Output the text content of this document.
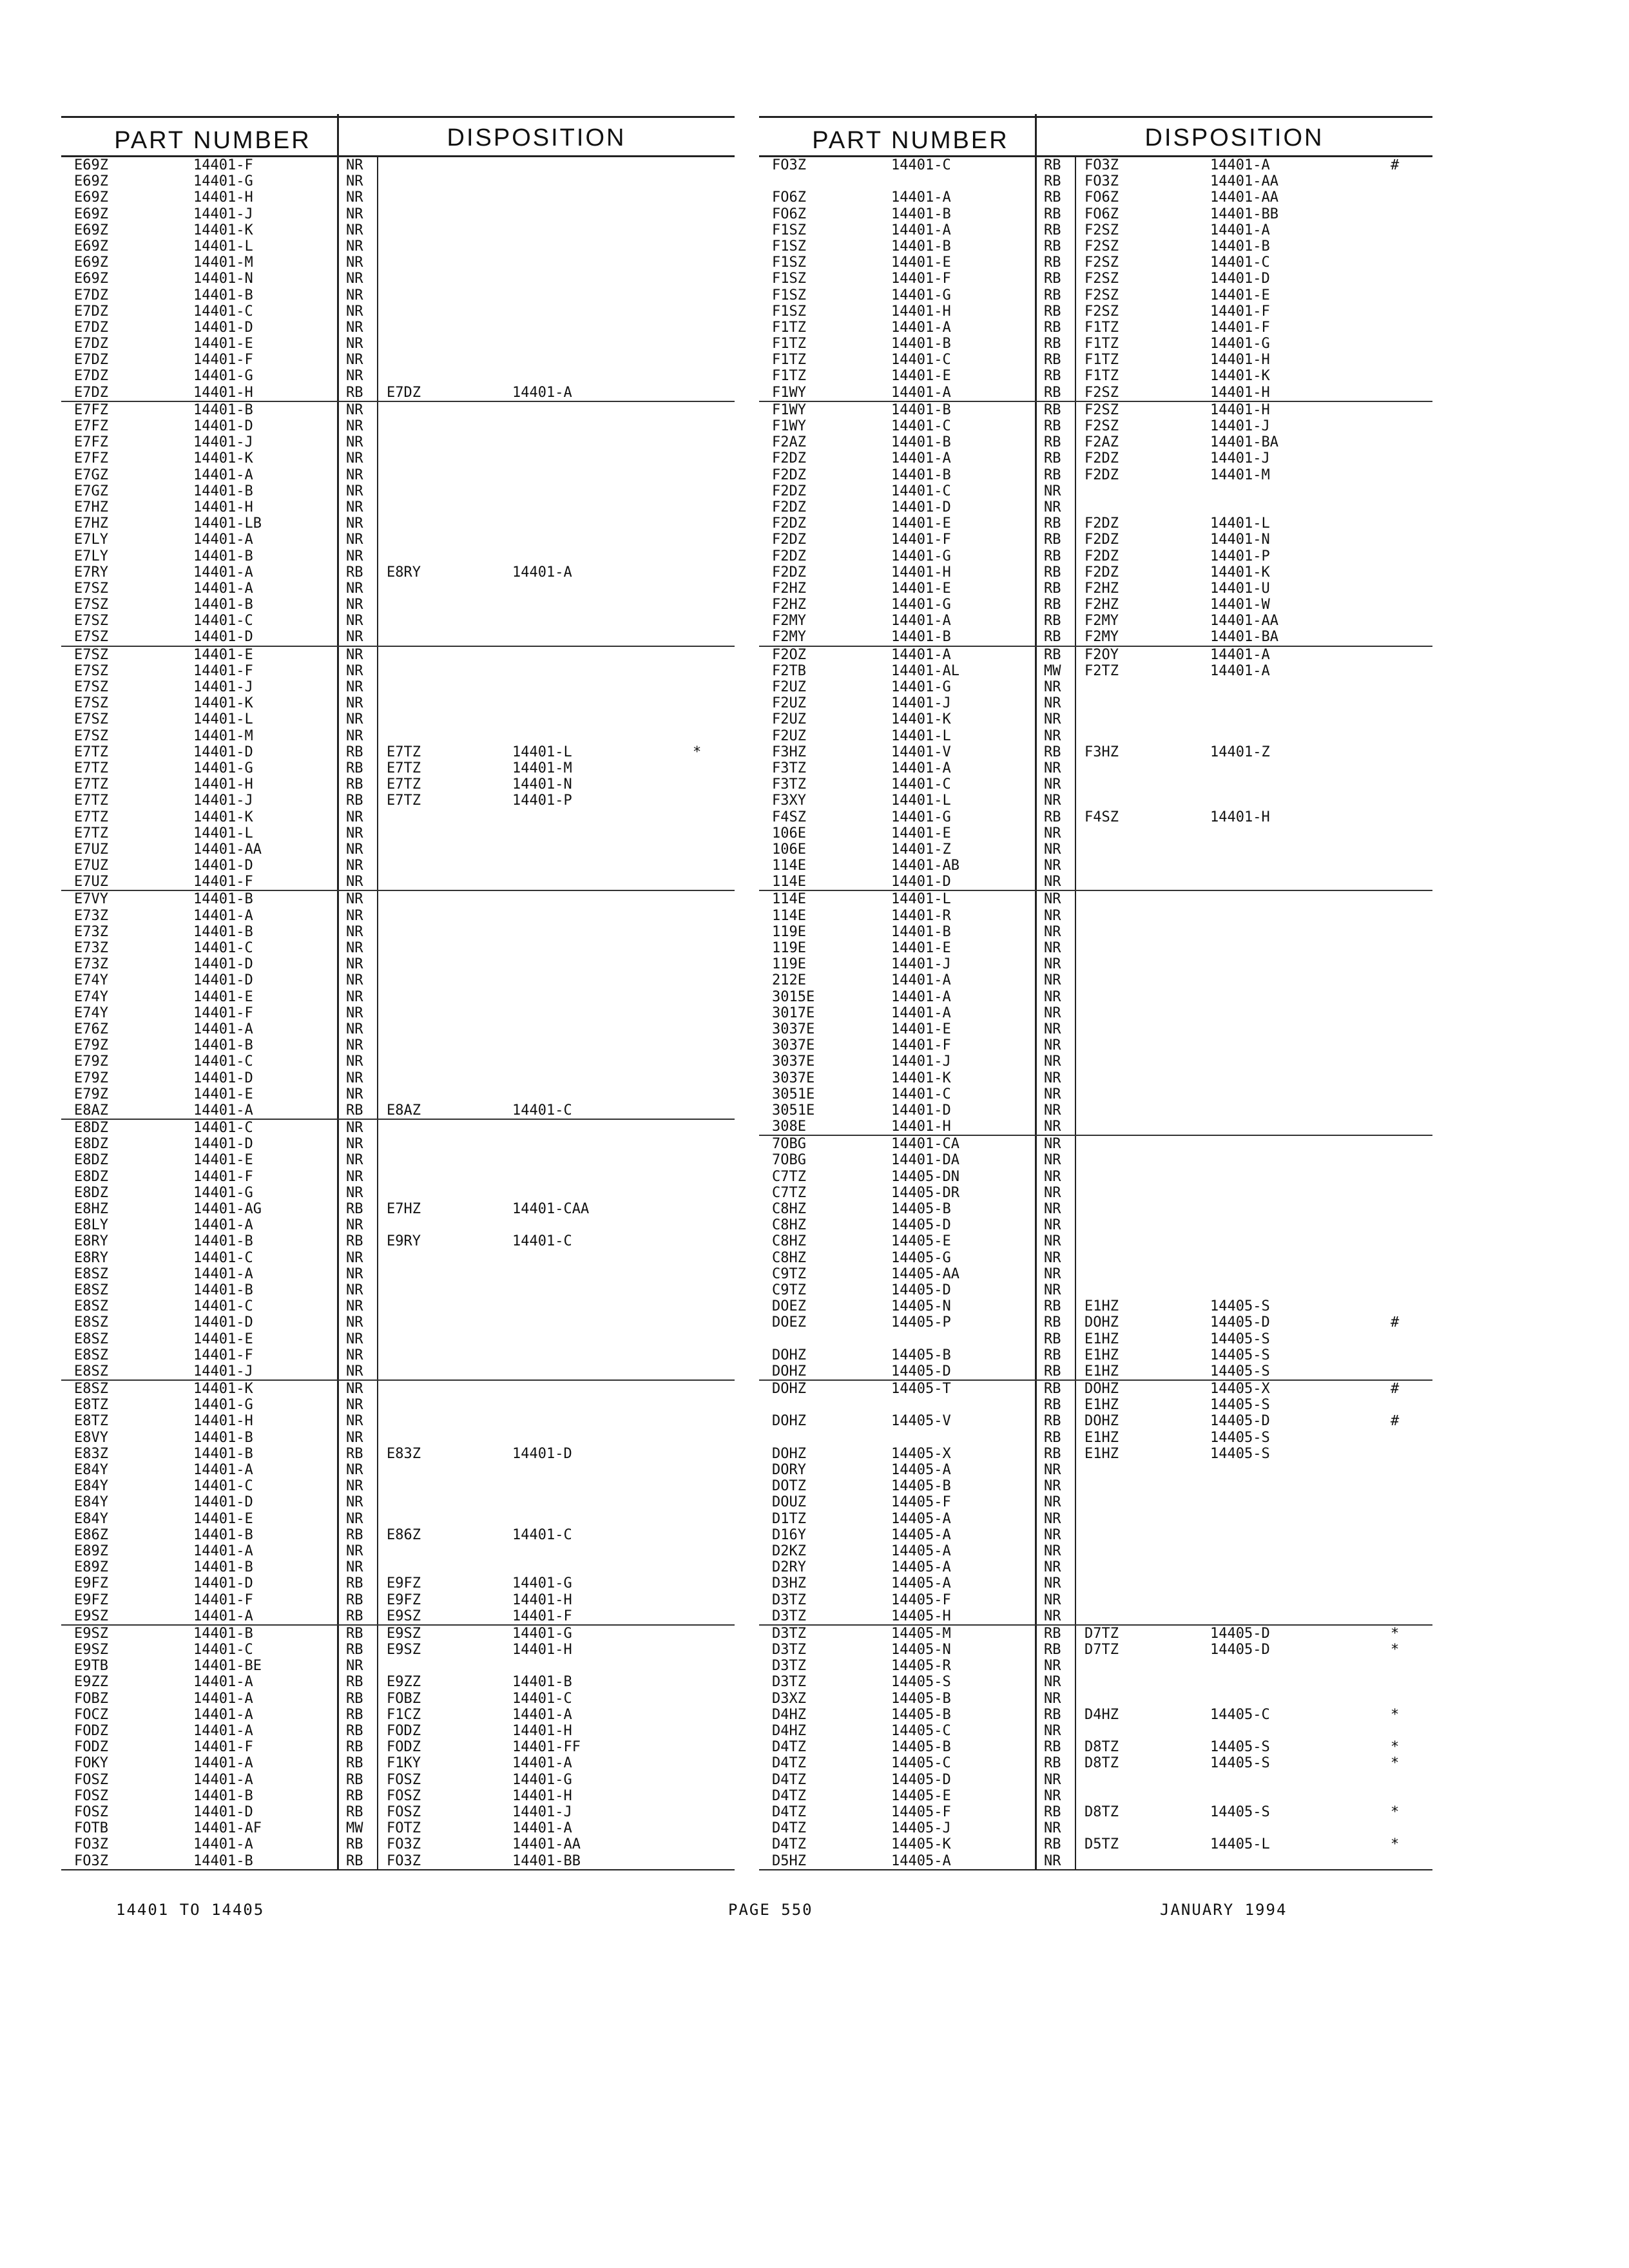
PART NUMBER	DISPOSITION
E69Z	14401-F	NR
E69Z	14401-G	NR
E69Z	14401-H	NR
E69Z	14401-J	NR
E69Z	14401-K	NR
E69Z	14401-L	NR
E69Z	14401-M	NR
E69Z	14401-N	NR
E7DZ	14401-B	NR
E7DZ	14401-C	NR
E7DZ	14401-D	NR
E7DZ	14401-E	NR
E7DZ	14401-F	NR
E7DZ	14401-G	NR
E7DZ	14401-H	RB E7DZ	14401-A
E7FZ	14401-B	NR
E7FZ	14401-D	NR
E7FZ	14401-J	NR
E7FZ	14401-K	NR
E7GZ	14401-A	NR
E7GZ	14401-B	NR
E7HZ	14401-H	NR
E7HZ	14401-LB	NR
E7LY	14401-A	NR
E7LY	14401-B	NR
E7RY	14401-A	RB E8RY	14401-A
E7SZ	14401-A	NR
E7SZ	14401-B	NR
E7SZ	14401-C	NR
E7SZ	14401-D	NR
E7SZ	14401-E	NR
E7SZ	14401-F	NR
E7SZ	14401-J	NR
E7SZ	14401-K	NR
E7SZ	14401-L	NR
E7SZ	14401-M	NR
E7TZ	14401-D	RB E7TZ	14401-L	*
E7TZ	14401-G	RB E7TZ	14401-M
E7TZ	14401-H	RB E7TZ	14401-N
E7TZ	14401-J	RB E7TZ	14401-P
E7TZ	14401-K	NR
E7TZ	14401-L	NR
E7UZ	14401-AA	NR
E7UZ	14401-D	NR
E7UZ	14401-F	NR
E7VY	14401-B	NR
E73Z	14401-A	NR
E73Z	14401-B	NR
E73Z	14401-C	NR
E73Z	14401-D	NR
E74Y	14401-D	NR
E74Y	14401-E	NR
E74Y	14401-F	NR
E76Z	14401-A	NR
E79Z	14401-B	NR
E79Z	14401-C	NR
E79Z	14401-D	NR
E79Z	14401-E	NR
E8AZ	14401-A	RB E8AZ	14401-C
E8DZ	14401-C	NR
E8DZ	14401-D	NR
E8DZ	14401-E	NR
E8DZ	14401-F	NR
E8DZ	14401-G	NR
E8HZ	14401-AG	RB E7HZ	14401-CAA
E8LY	14401-A	NR
E8RY	14401-B	RB E9RY	14401-C
E8RY	14401-C	NR
E8SZ	14401-A	NR
E8SZ	14401-B	NR
E8SZ	14401-C	NR
E8SZ	14401-D	NR
E8SZ	14401-E	NR
E8SZ	14401-F	NR
E8SZ	14401-J	NR
E8SZ	14401-K	NR
E8TZ	14401-G	NR
E8TZ	14401-H	NR
E8VY	14401-B	NR
E83Z	14401-B	RB E83Z	14401-D
E84Y	14401-A	NR
E84Y	14401-C	NR
E84Y	14401-D	NR
E84Y	14401-E	NR
E86Z	14401-B	RB E86Z	14401-C
E89Z	14401-A	NR
E89Z	14401-B	NR
E9FZ	14401-D	RB E9FZ	14401-G
E9FZ	14401-F	RB E9FZ	14401-H
E9SZ	14401-A	RB E9SZ	14401-F
E9SZ	14401-B	RB E9SZ	14401-G
E9SZ	14401-C	RB E9SZ	14401-H
E9TB	14401-BE	NR
E9ZZ	14401-A	RB E9ZZ	14401-B
FOBZ	14401-A	RB FOBZ	14401-C
FOCZ	14401-A	RB F1CZ	14401-A
FODZ	14401-A	RB FODZ	14401-H
FODZ	14401-F	RB FODZ	14401-FF
FOKY	14401-A	RB F1KY	14401-A
FOSZ	14401-A	RB FOSZ	14401-G
FOSZ	14401-B	RB FOSZ	14401-H
FOSZ	14401-D	RB FOSZ	14401-J
FOTB	14401-AF	MW FOTZ	14401-A
FO3Z	14401-A	RB FO3Z	14401-AA
FO3Z	14401-B	RB FO3Z	14401-BB
PART NUMBER	DISPOSITION
FO3Z	14401-C	RB FO3Z	14401-A	#
RB FO3Z	14401-AA
FO6Z	14401-A	RB FO6Z	14401-AA
FO6Z	14401-B	RB FO6Z	14401-BB
F1SZ	14401-A	RB F2SZ	14401-A
F1SZ	14401-B	RB F2SZ	14401-B
F1SZ	14401-E	RB F2SZ	14401-C
F1SZ	14401-F	RB F2SZ	14401-D
F1SZ	14401-G	RB F2SZ	14401-E
F1SZ	14401-H	RB F2SZ	14401-F
F1TZ	14401-A	RB F1TZ	14401-F
F1TZ	14401-B	RB F1TZ	14401-G
F1TZ	14401-C	RB F1TZ	14401-H
F1TZ	14401-E	RB F1TZ	14401-K
F1WY	14401-A	RB F2SZ	14401-H
F1WY	14401-B	RB F2SZ	14401-H
F1WY	14401-C	RB F2SZ	14401-J
F2AZ	14401-B	RB F2AZ	14401-BA
F2DZ	14401-A	RB F2DZ	14401-J
F2DZ	14401-B	RB F2DZ	14401-M
F2DZ	14401-C	NR
F2DZ	14401-D	NR
F2DZ	14401-E	RB F2DZ	14401-L
F2DZ	14401-F	RB F2DZ	14401-N
F2DZ	14401-G	RB F2DZ	14401-P
F2DZ	14401-H	RB F2DZ	14401-K
F2HZ	14401-E	RB F2HZ	14401-U
F2HZ	14401-G	RB F2HZ	14401-W
F2MY	14401-A	RB F2MY	14401-AA
F2MY	14401-B	RB F2MY	14401-BA
F2OZ	14401-A	RB F2OY	14401-A
F2TB	14401-AL	MW F2TZ	14401-A
F2UZ	14401-G	NR
F2UZ	14401-J	NR
F2UZ	14401-K	NR
F2UZ	14401-L	NR
F3HZ	14401-V	RB F3HZ	14401-Z
F3TZ	14401-A	NR
F3TZ	14401-C	NR
F3XY	14401-L	NR
F4SZ	14401-G	RB F4SZ	14401-H
106E	14401-E	NR
106E	14401-Z	NR
114E	14401-AB	NR
114E	14401-D	NR
114E	14401-L	NR
114E	14401-R	NR
119E	14401-B	NR
119E	14401-E	NR
119E	14401-J	NR
212E	14401-A	NR
3015E	14401-A	NR
3017E	14401-A	NR
3037E	14401-E	NR
3037E	14401-F	NR
3037E	14401-J	NR
3037E	14401-K	NR
3051E	14401-C	NR
3051E	14401-D	NR
308E	14401-H	NR
7OBG	14401-CA	NR
7OBG	14401-DA	NR
C7TZ	14405-DN	NR
C7TZ	14405-DR	NR
C8HZ	14405-B	NR
C8HZ	14405-D	NR
C8HZ	14405-E	NR
C8HZ	14405-G	NR
C9TZ	14405-AA	NR
C9TZ	14405-D	NR
DOEZ	14405-N	RB E1HZ	14405-S
DOEZ	14405-P	RB DOHZ	14405-D	#
RB E1HZ	14405-S
DOHZ	14405-B	RB E1HZ	14405-S
DOHZ	14405-D	RB E1HZ	14405-S
DOHZ	14405-T	RB DOHZ	14405-X	#
RB E1HZ	14405-S
DOHZ	14405-V	RB DOHZ	14405-D	#
RB E1HZ	14405-S
DOHZ	14405-X	RB E1HZ	14405-S
DORY	14405-A	NR
DOTZ	14405-B	NR
DOUZ	14405-F	NR
D1TZ	14405-A	NR
D16Y	14405-A	NR
D2KZ	14405-A	NR
D2RY	14405-A	NR
D3HZ	14405-A	NR
D3TZ	14405-F	NR
D3TZ	14405-H	NR
D3TZ	14405-M	RB D7TZ	14405-D	*
D3TZ	14405-N	RB D7TZ	14405-D	*
D3TZ	14405-R	NR
D3TZ	14405-S	NR
D3XZ	14405-B	NR
D4HZ	14405-B	RB D4HZ	14405-C	*
D4HZ	14405-C	NR
D4TZ	14405-B	RB D8TZ	14405-S	*
D4TZ	14405-C	RB D8TZ	14405-S	*
D4TZ	14405-D	NR
D4TZ	14405-E	NR
D4TZ	14405-F	RB D8TZ	14405-S	*
D4TZ	14405-J	NR
D4TZ	14405-K	RB D5TZ	14405-L	*
D5HZ	14405-A	NR
14401 TO 14405	PAGE 550	JANUARY 1994
